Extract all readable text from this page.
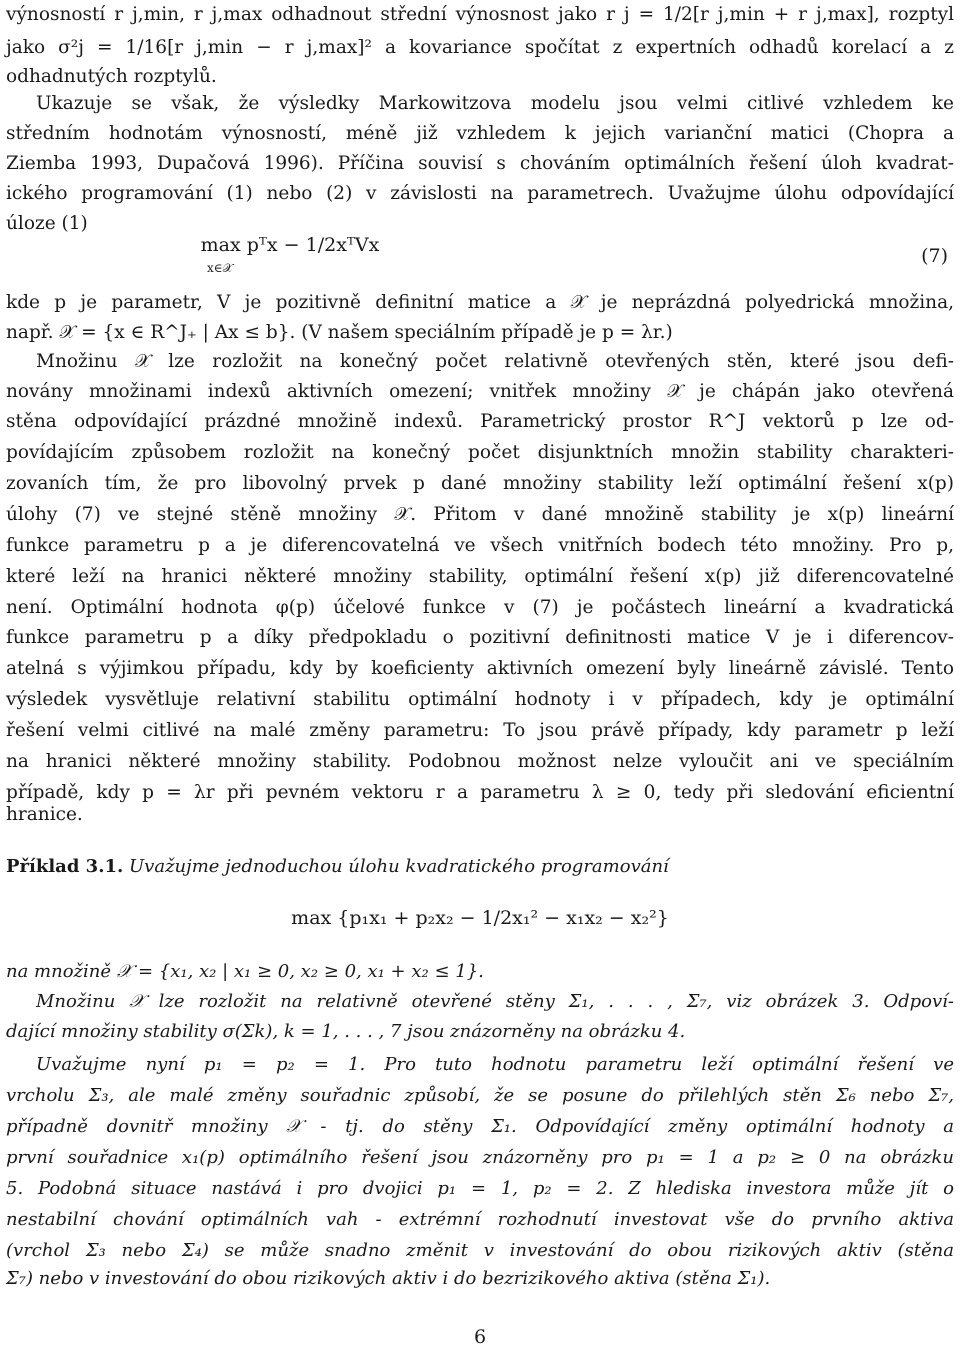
výnosností r j,min, r j,max odhadnout střední výnosnost jako r j = 1/2[r j,min + r j,max], rozptyl
jako σ²j = 1/16[r j,min − r j,max]² a kovariance spočítat z expertních odhadů korelací a z
odhadnutých rozptylů.
Ukazuje se však, že výsledky Markowitzova modelu jsou velmi citlivé vzhledem ke
středním hodnotám výnosností, méně již vzhledem k jejich varianční matici (Chopra a
Ziemba 1993, Dupačová 1996). Příčina souvisí s chováním optimálních řešení úloh kvadrat-
ického programování (1) nebo (2) v závislosti na parametrech. Uvažujme úlohu odpovídající
úloze (1)
max pᵀx − 1/2xᵀVx
x∈𝒳
(7)
kde p je parametr, V je pozitivně definitní matice a 𝒳 je neprázdná polyedrická množina,
např. 𝒳 = {x ∈ R^J₊ | Ax ≤ b}. (V našem speciálním případě je p = λr.)
Množinu 𝒳 lze rozložit na konečný počet relativně otevřených stěn, které jsou defi-
novány množinami indexů aktivních omezení; vnitřek množiny 𝒳 je chápán jako otevřená
stěna odpovídající prázdné množině indexů. Parametrický prostor R^J vektorů p lze od-
povídajícím způsobem rozložit na konečný počet disjunktních množin stability charakteri-
zovaních tím, že pro libovolný prvek p dané množiny stability leží optimální řešení x(p)
úlohy (7) ve stejné stěně množiny 𝒳. Přitom v dané množině stability je x(p) lineární
funkce parametru p a je diferencovatelná ve všech vnitřních bodech této množiny. Pro p,
které leží na hranici některé množiny stability, optimální řešení x(p) již diferencovatelné
není. Optimální hodnota φ(p) účelové funkce v (7) je počástech lineární a kvadratická
funkce parametru p a díky předpokladu o pozitivní definitnosti matice V je i diferencov-
atelná s výjimkou případu, kdy by koeficienty aktivních omezení byly lineárně závislé. Tento
výsledek vysvětluje relativní stabilitu optimální hodnoty i v případech, kdy je optimální
řešení velmi citlivé na malé změny parametru: To jsou právě případy, kdy parametr p leží
na hranici některé množiny stability. Podobnou možnost nelze vyloučit ani ve speciálním
případě, kdy p = λr při pevném vektoru r a parametru λ ≥ 0, tedy při sledování eficientní
hranice.
Příklad 3.1. Uvažujme jednoduchou úlohu kvadratického programování
max {p₁x₁ + p₂x₂ − 1/2x₁² − x₁x₂ − x₂²}
na množině 𝒳 = {x₁, x₂ | x₁ ≥ 0, x₂ ≥ 0, x₁ + x₂ ≤ 1}.
Množinu 𝒳 lze rozložit na relativně otevřené stěny Σ₁, . . . , Σ₇, viz obrázek 3. Odpoví-
dající množiny stability σ(Σk), k = 1, . . . , 7 jsou znázorněny na obrázku 4.
Uvažujme nyní p₁ = p₂ = 1. Pro tuto hodnotu parametru leží optimální řešení ve
vrcholu Σ₃, ale malé změny souřadnic způsobí, že se posune do přilehlých stěn Σ₆ nebo Σ₇,
případně dovnitř množiny 𝒳 - tj. do stěny Σ₁. Odpovídající změny optimální hodnoty a
první souřadnice x₁(p) optimálního řešení jsou znázorněny pro p₁ = 1 a p₂ ≥ 0 na obrázku
5. Podobná situace nastává i pro dvojici p₁ = 1, p₂ = 2. Z hlediska investora může jít o
nestabilní chování optimálních vah - extrémní rozhodnutí investovat vše do prvního aktiva
(vrchol Σ₃ nebo Σ₄) se může snadno změnit v investování do obou rizikových aktiv (stěna
Σ₇) nebo v investování do obou rizikových aktiv i do bezrizikového aktiva (stěna Σ₁).
6
